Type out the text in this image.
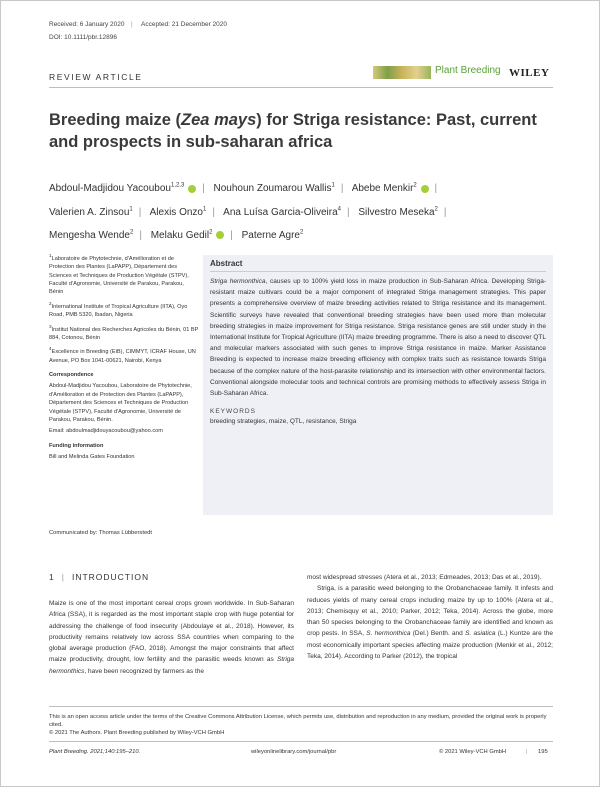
Received: 6 January 2020 | Accepted: 21 December 2020
DOI: 10.1111/pbr.12896
REVIEW ARTICLE
Plant Breeding WILEY
Breeding maize (Zea mays) for Striga resistance: Past, current and prospects in sub-saharan africa
Abdoul-Madjidou Yacoubou$^{1,2,3}$ | Nouhoun Zoumarou Wallis$^1$ | Abebe Menkir$^2$ |
Valerien A. Zinsou$^1$ | Alexis Onzo$^1$ | Ana Luísa Garcia-Oliveira$^4$ | Silvestro Meseka$^2$ |
Mengesha Wende$^2$ | Melaku Gedil$^2$ | Paterne Agre$^2$

$^1$Laboratoire de Phytotechnie, d'Amélioration et de Protection des Plantes (LaPAPP), Département des Sciences et Techniques de Production Végétale (STPV), Faculté d'Agronomie, Université de Parakou, Parakou, Bénin

$^2$International Institute of Tropical Agriculture (IITA), Oyo Road, PMB 5320, Ibadan, Nigeria

$^3$Institut National des Recherches Agricoles du Bénin, 01 BP 884, Cotonou, Bénin

$^4$Excellence in Breeding (EiB), CIMMYT, ICRAF House, UN Avenue, PO Box 1041-00621, Nairobi, Kenya

Correspondence

Abdoul-Madjidou Yacoubou, Laboratoire de Phytotechnie, d'Amélioration et de Protection des Plantes (LaPAPP), Département des Sciences et Techniques de Production Végétale (STPV), Faculté d'Agronomie, Université de Parakou, Parakou, Bénin.

Email: abdoulmadjidouyacoubou@yahoo.com

Funding information

Bill and Melinda Gates Foundation

Abstract
Striga hermonthica, causes up to 100% yield loss in maize production in Sub-Saharan Africa. Developing Striga-resistant maize cultivars could be a major component of integrated Striga management strategies. This paper presents a comprehensive overview of maize breeding activities related to Striga resistance and its management. Scientific surveys have revealed that conventional breeding strategies have been used more than molecular breeding strategies in maize improvement for Striga resistance. Striga resistance genes are still under study in the International Institute for Tropical Agriculture (IITA) maize breeding programme. There is also a need to discover QTL and molecular markers associated with such genes to improve Striga resistance in maize. Marker Assistance Breeding is expected to increase maize breeding efficiency with complex traits such as resistance towards Striga because of the complex nature of the host-parasite relationship and its intersection with other environmental factors. Conventional alongside molecular tools and technical controls are promising methods to effectively assess Striga in Sub-Saharan Africa.
KEYWORDS
breeding strategies, maize, QTL, resistance, Striga
Communicated by: Thomas Lübberstedt
1 | INTRODUCTION

Maize is one of the most important cereal crops grown worldwide. In Sub-Saharan Africa (SSA), it is regarded as the most important staple crop with huge potential for addressing the challenge of food insecurity (Abdoulaye et al., 2018). However, its productivity remains relatively low across SSA countries when comparing to the global average production (FAO, 2018). Amongst the major constraints that affect maize productivity, drought, low fertility and the parasitic weeds known as Striga hermonthics, have been recognized by farmers as the

most widespread stresses (Atera et al., 2013; Edmeades, 2013; Das et al., 2019).

Striga, is a parasitic weed belonging to the Orobanchaceae family. It infests and reduces yields of many cereal crops including maize by up to 100% (Atera et al., 2013; Chemisquy et al., 2010; Parker, 2012; Teka, 2014). Across the globe, more than 50 species belonging to the Orobanchaceae family are identified and known as crop pests. In SSA, S. hermonthica (Del.) Benth. and S. asiatica (L.) Kuntze are the most economically important species affecting maize production (Menkir et al., 2012; Teka, 2014). According to Parker (2012), the tropical

This is an open access article under the terms of the Creative Commons Attribution License, which permits use, distribution and reproduction in any medium, provided the original work is properly cited.
© 2021 The Authors. Plant Breeding published by Wiley-VCH GmbH
Plant Breeding. 2021;140:195–210.	wileyonlinelibrary.com/journal/pbr	© 2021 Wiley-VCH GmbH	| 195
